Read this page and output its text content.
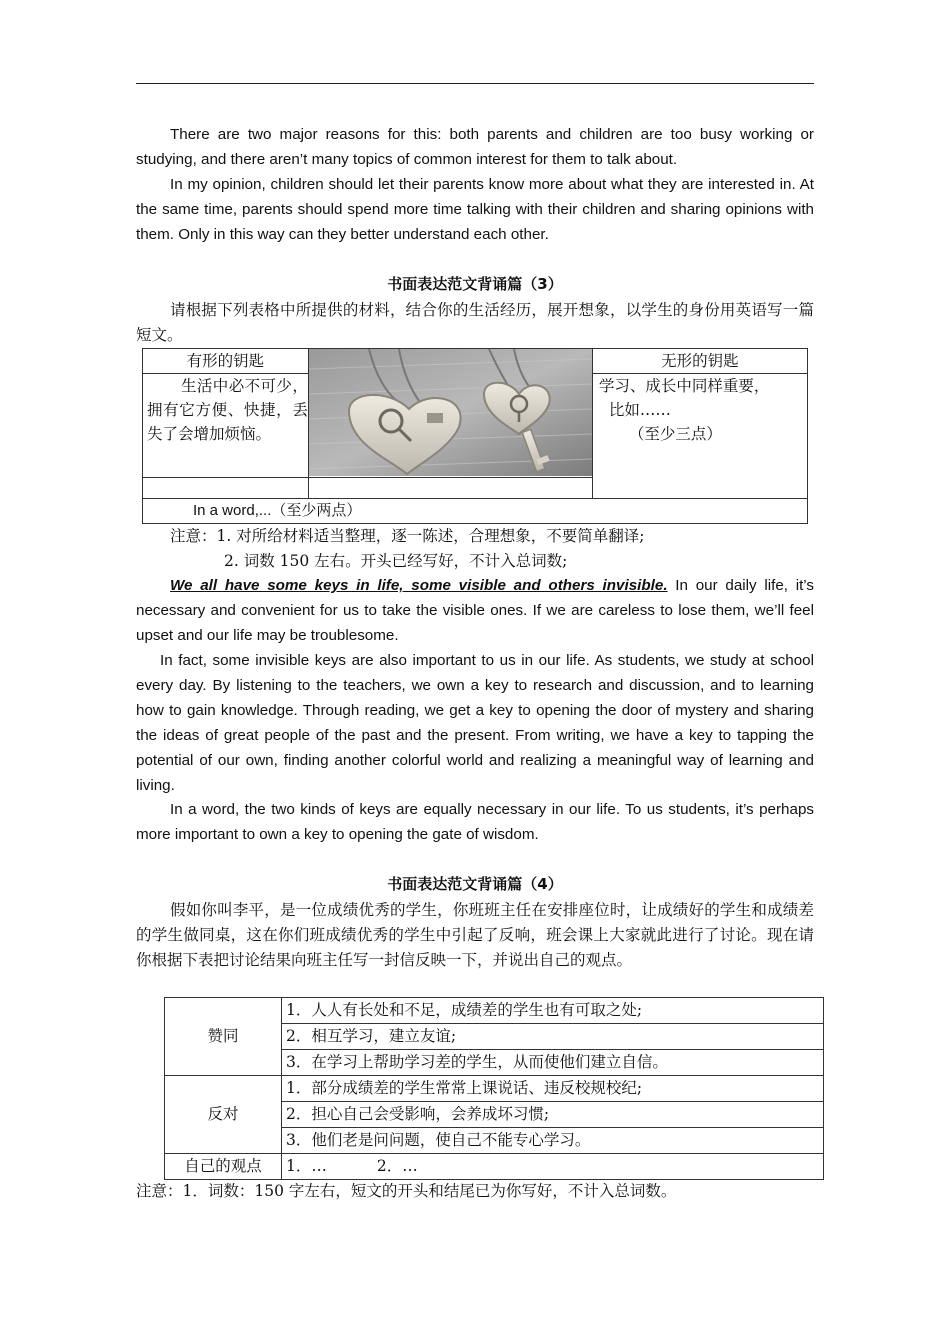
There are two major reasons for this: both parents and children are too busy working or studying, and there aren’t many topics of common interest for them to talk about.

In my opinion, children should let their parents know more about what they are interested in. At the same time, parents should spend more time talking with their children and sharing opinions with them. Only in this way can they better understand each other.

书面表达范文背诵篇（3）

请根据下列表格中所提供的材料，结合你的生活经历，展开想象，以学生的身份用英语写一篇短文。

有形的钥匙		无形的钥匙
生活中必不可少，拥有它方便、快捷，丢失了会增加烦恼。		学习、成长中同样重要，
比如……
（至少三点）

In a word,...（至少两点）		
注意：1. 对所给材料适当整理，逐一陈述，合理想象，不要简单翻译;
2. 词数 150 左右。开头已经写好，不计入总词数;

We all have some keys in life, some visible and others invisible. In our daily life, it’s necessary and convenient for us to take the visible ones. If we are careless to lose them, we’ll feel upset and our life may be troublesome.

In fact, some invisible keys are also important to us in our life. As students, we study at school every day. By listening to the teachers, we own a key to research and discussion, and to learning how to gain knowledge. Through reading, we get a key to opening the door of mystery and sharing the ideas of great people of the past and the present. From writing, we have a key to tapping the potential of our own, finding another colorful world and realizing a meaningful way of learning and living.

In a word, the two kinds of keys are equally necessary in our life. To us students, it’s perhaps more important to own a key to opening the gate of wisdom.

书面表达范文背诵篇（4）

假如你叫李平，是一位成绩优秀的学生，你班班主任在安排座位时，让成绩好的学生和成绩差的学生做同桌，这在你们班成绩优秀的学生中引起了反响，班会课上大家就此进行了讨论。现在请你根据下表把讨论结果向班主任写一封信反映一下，并说出自己的观点。

赞同	1．人人有长处和不足，成绩差的学生也有可取之处;
	2．相互学习，建立友谊;
	3．在学习上帮助学习差的学生，从而使他们建立自信。
反对	1．部分成绩差的学生常常上课说话、违反校规校纪;
	2．担心自己会受影响，会养成坏习惯;
	3．他们老是问问题，使自己不能专心学习。
自己的观点	1．… 2．…
注意：1．词数：150 字左右，短文的开头和结尾已为你写好，不计入总词数。
